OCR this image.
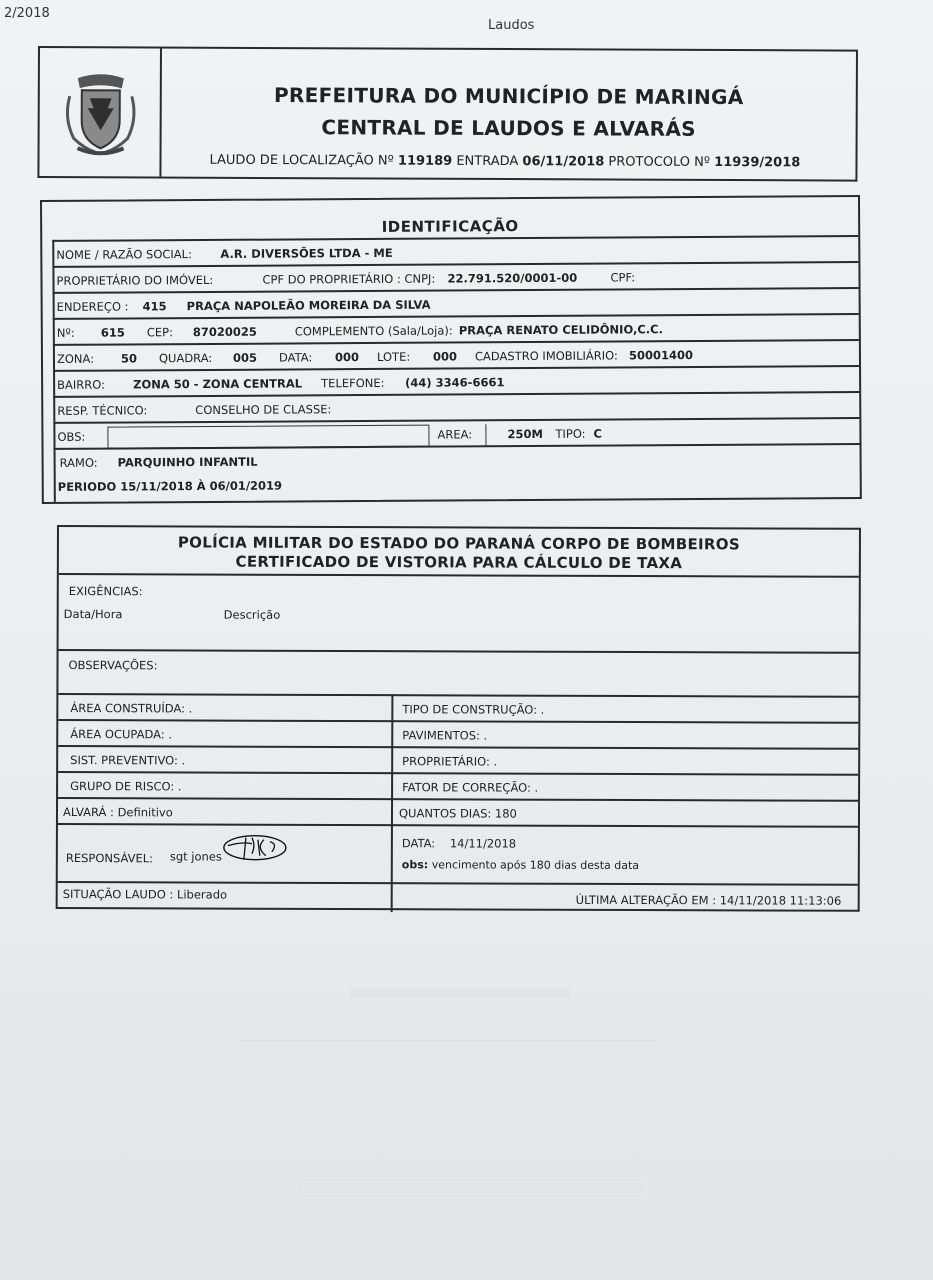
2/2018
Laudos
PREFEITURA DO MUNICÍPIO DE MARINGÁ
CENTRAL DE LAUDOS E ALVARÁS
LAUDO DE LOCALIZAÇÃO Nº 119189 ENTRADA 06/11/2018 PROTOCOLO Nº 11939/2018
IDENTIFICAÇÃO
NOME / RAZÃO SOCIAL: A.R. DIVERSÕES LTDA - ME
PROPRIETÁRIO DO IMÓVEL:	CPF DO PROPRIETÁRIO : CNPJ: 22.791.520/0001-00	CPF:
ENDEREÇO : 415 PRAÇA NAPOLEÃO MOREIRA DA SILVA
Nº: 615 CEP: 87020025	COMPLEMENTO (Sala/Loja): PRAÇA RENATO CELIDÔNIO,C.C.
ZONA: 50 QUADRA: 005 DATA: 000 LOTE: 000 CADASTRO IMOBILIÁRIO: 50001400
BAIRRO: ZONA 50 - ZONA CENTRAL TELEFONE: (44) 3346-6661
RESP. TÉCNICO:	CONSELHO DE CLASSE:
OBS:	AREA:	250M TIPO: C
RAMO: PARQUINHO INFANTIL
PERIODO 15/11/2018 À 06/01/2019
POLÍCIA MILITAR DO ESTADO DO PARANÁ CORPO DE BOMBEIROS
CERTIFICADO DE VISTORIA PARA CÁLCULO DE TAXA
EXIGÊNCIAS:
Data/Hora	Descrição
OBSERVAÇÕES:
ÁREA CONSTRUÍDA: .	TIPO DE CONSTRUÇÃO: .
ÁREA OCUPADA: .	PAVIMENTOS: .
SIST. PREVENTIVO: .	PROPRIETÁRIO: .
GRUPO DE RISCO: .	FATOR DE CORREÇÃO: .
ALVARÁ : Definitivo	QUANTOS DIAS: 180
RESPONSÁVEL: sgt jones
DATA: 14/11/2018
obs: vencimento após 180 dias desta data
SITUAÇÃO LAUDO : Liberado	ÚLTIMA ALTERAÇÃO EM : 14/11/2018 11:13:06
